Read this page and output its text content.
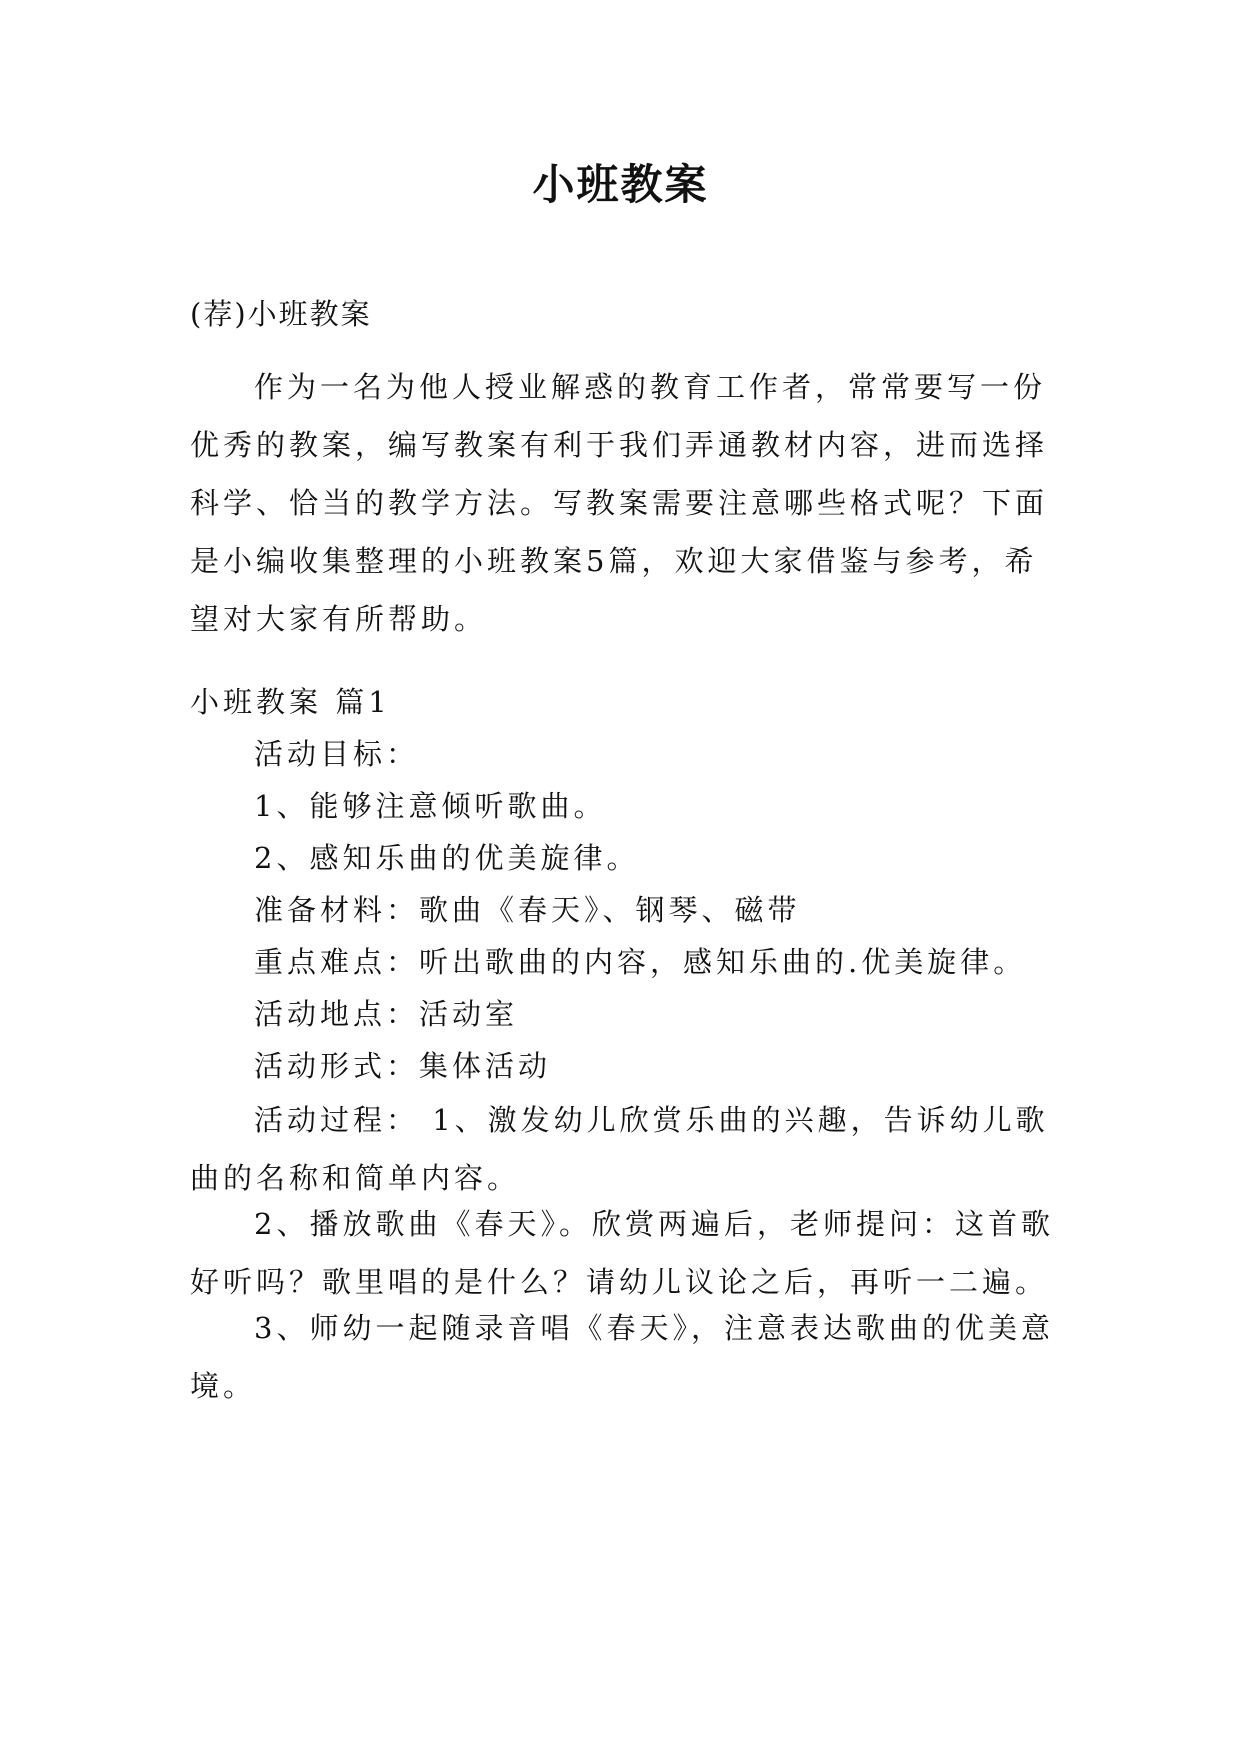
小班教案
(荐)小班教案
作为一名为他人授业解惑的教育工作者，常常要写一份优秀的教案，编写教案有利于我们弄通教材内容，进而选择科学、恰当的教学方法。写教案需要注意哪些格式呢？下面是小编收集整理的小班教案5篇，欢迎大家借鉴与参考，希望对大家有所帮助。
小班教案 篇1
活动目标：
1、能够注意倾听歌曲。
2、感知乐曲的优美旋律。
准备材料：歌曲《春天》、钢琴、磁带
重点难点：听出歌曲的内容，感知乐曲的.优美旋律。
活动地点：活动室
活动形式：集体活动
活动过程： 1、激发幼儿欣赏乐曲的兴趣，告诉幼儿歌曲的名称和简单内容。
2、播放歌曲《春天》。欣赏两遍后，老师提问：这首歌好听吗？歌里唱的是什么？请幼儿议论之后，再听一二遍。
3、师幼一起随录音唱《春天》，注意表达歌曲的优美意境。
